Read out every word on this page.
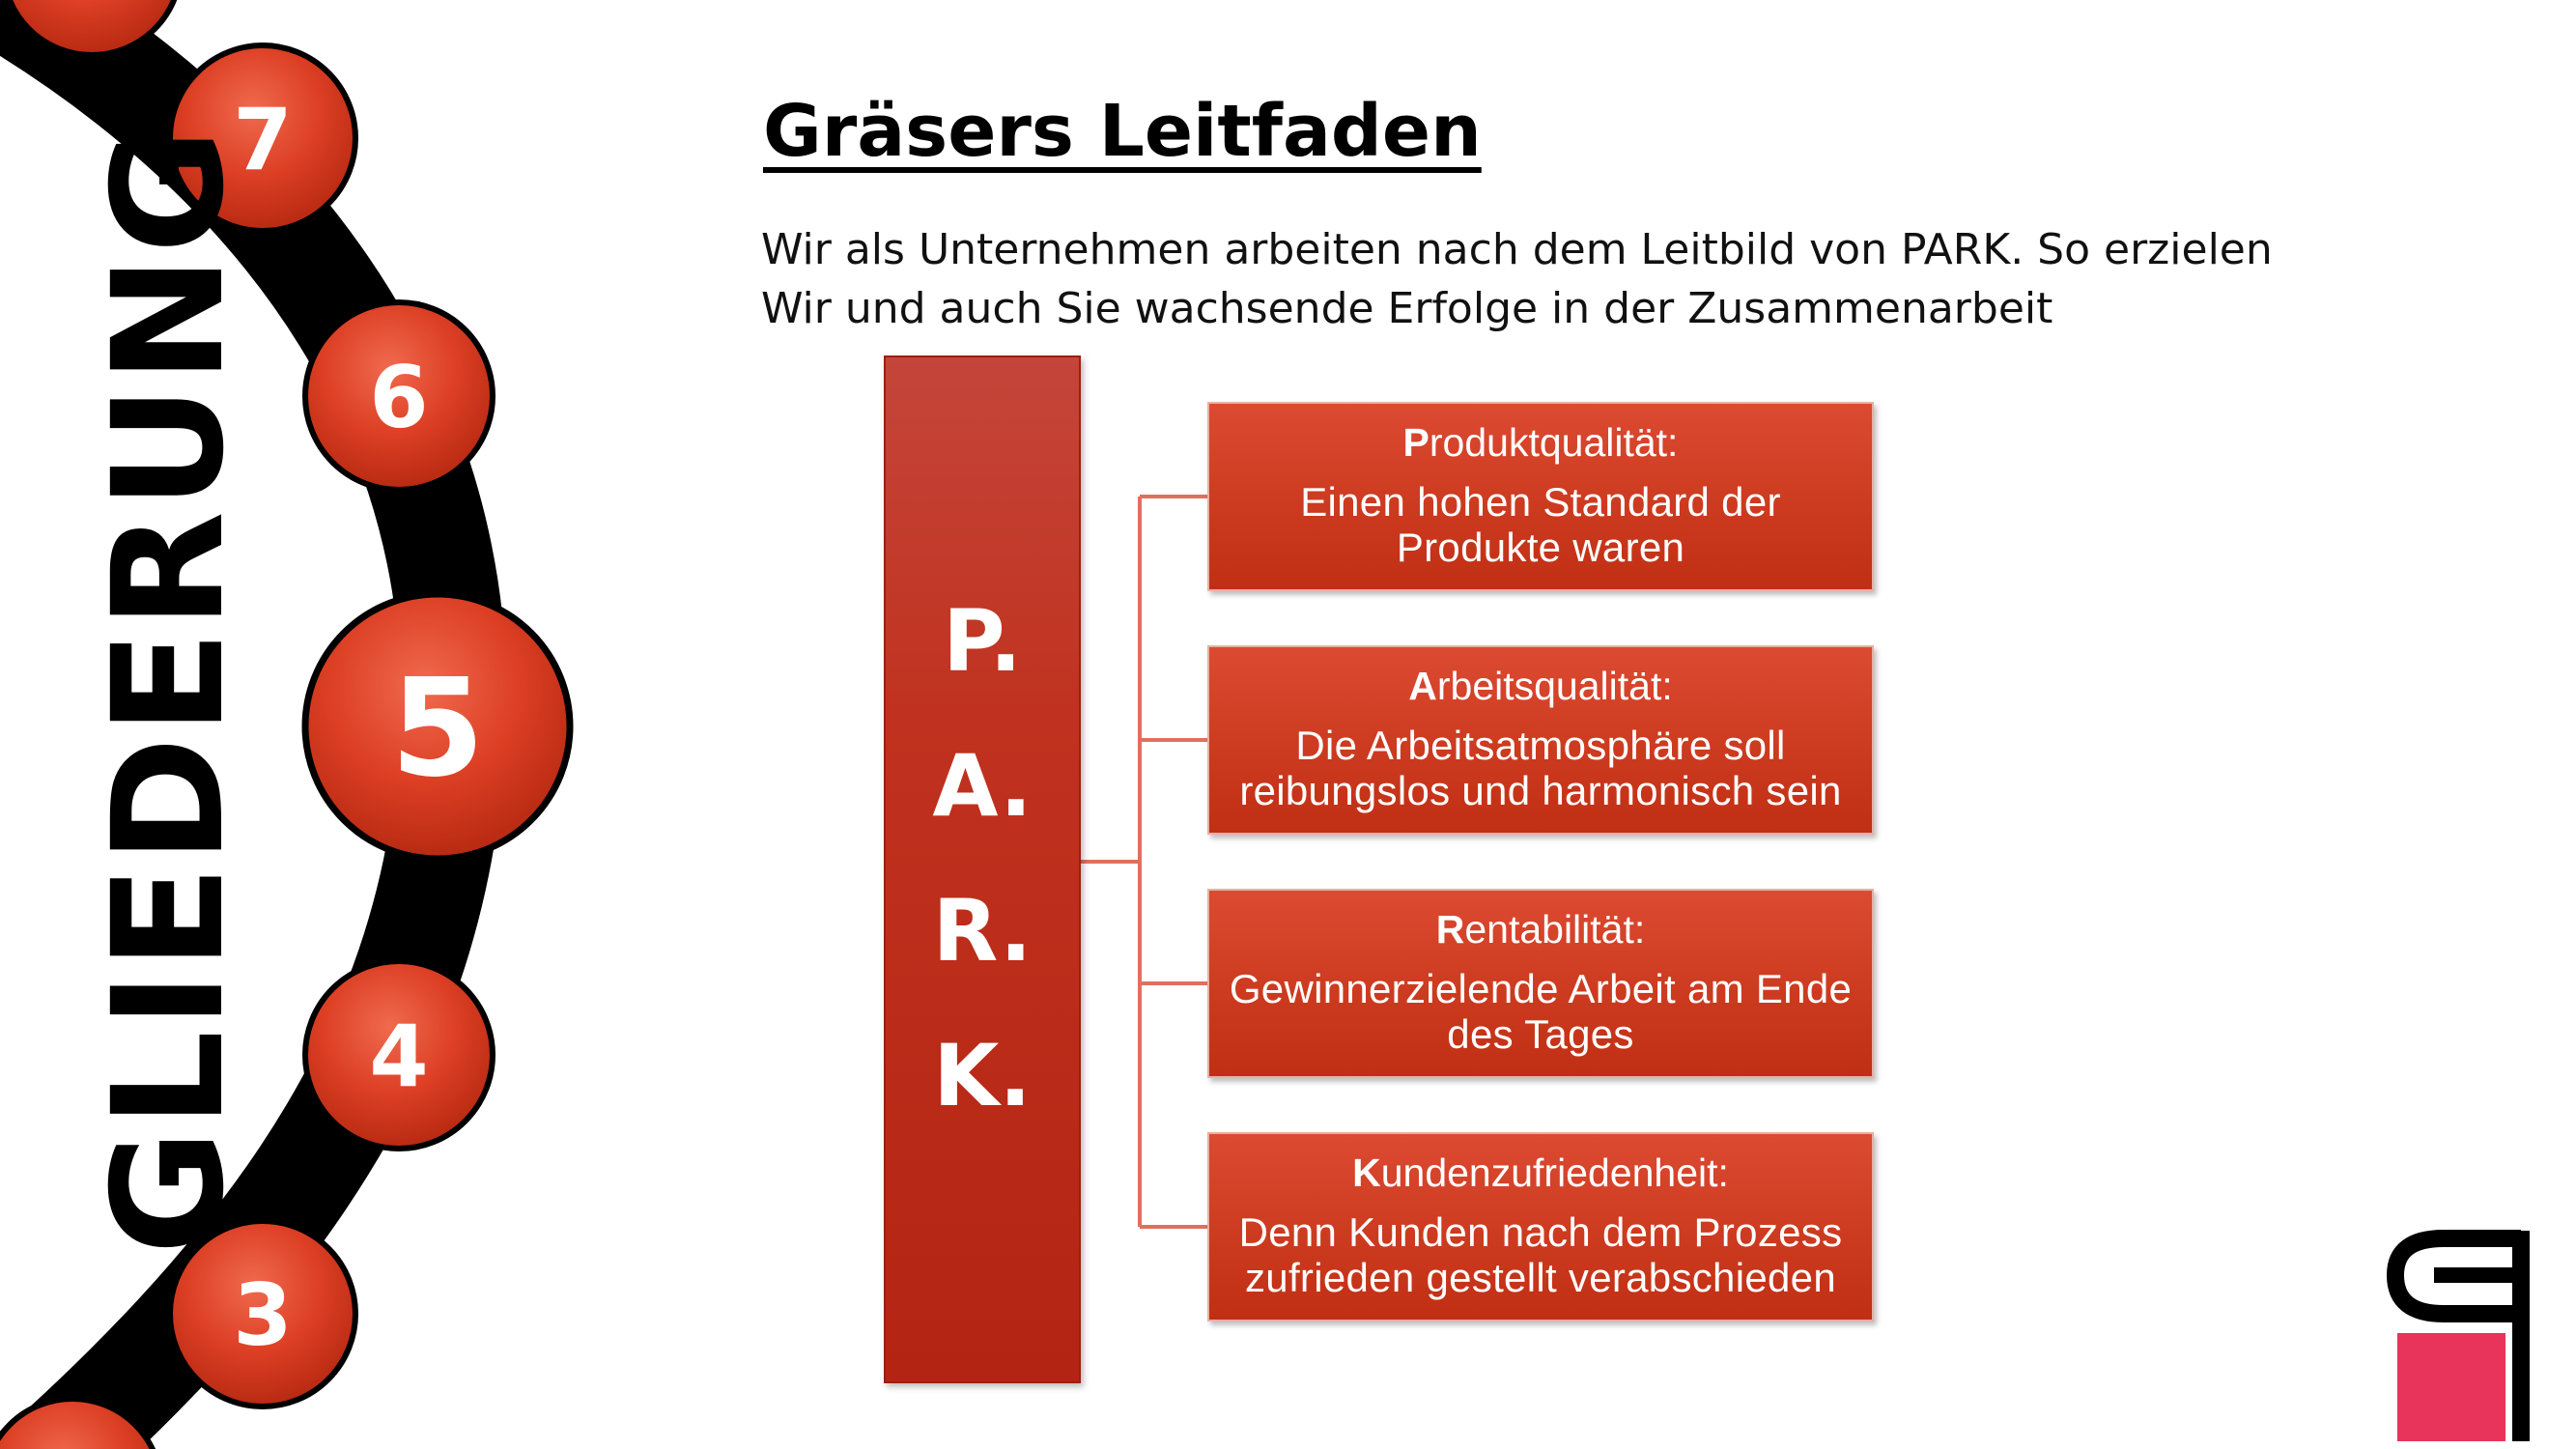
7
6
5
4
3
GLIEDERUNG	Gräsers Leitfaden
Wir als Unternehmen arbeiten nach dem Leitbild von PARK. So erzielen
Wir und auch Sie wachsende Erfolge in der Zusammenarbeit
P.
A.
R.
K.
Produktqualität:
Einen hohen Standard der
Produkte waren
Arbeitsqualität:
Die Arbeitsatmosphäre soll
reibungslos und harmonisch sein
Rentabilität:
Gewinnerzielende Arbeit am Ende
des Tages
Kundenzufriedenheit:
Denn Kunden nach dem Prozess
zufrieden gestellt verabschieden
